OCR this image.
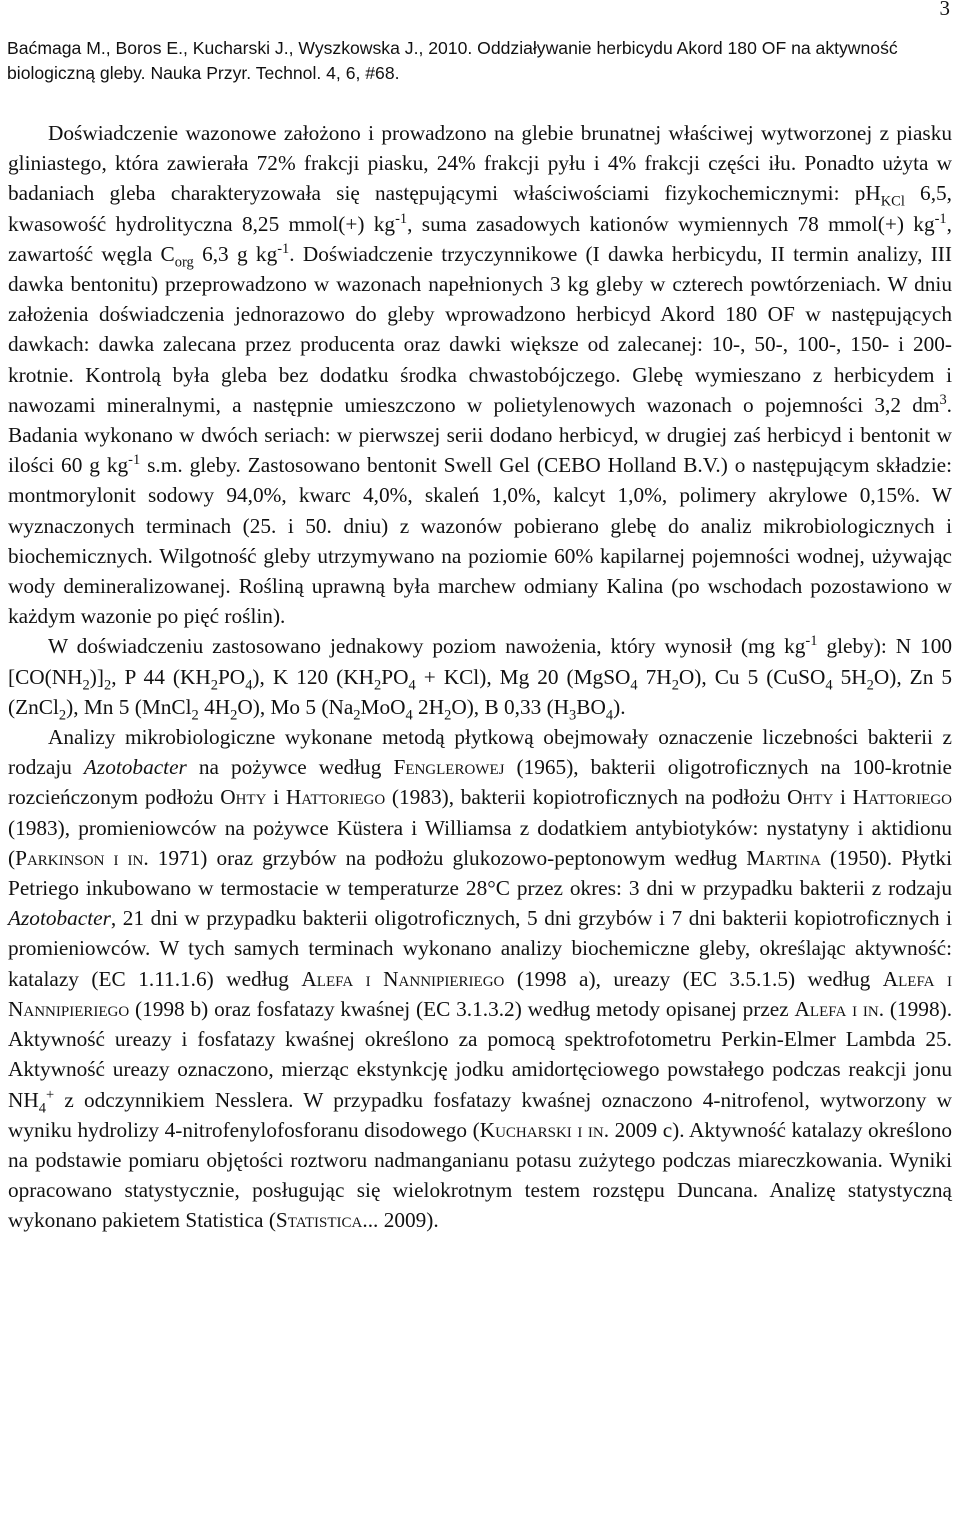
3
Baćmaga M., Boros E., Kucharski J., Wyszkowska J., 2010. Oddziaływanie herbicydu Akord 180 OF na aktywność
biologiczną gleby. Nauka Przyr. Technol. 4, 6, #68.

Doświadczenie wazonowe założono i prowadzono na glebie brunatnej właściwej wytworzonej z piasku gliniastego, która zawierała 72% frakcji piasku, 24% frakcji pyłu i 4% frakcji części iłu. Ponadto użyta w badaniach gleba charakteryzowała się następującymi właściwościami fizykochemicznymi: $pH_{KCl}$ 6,5, kwasowość hydrolityczna 8,25 mmol(+) $kg^{-1}$, suma zasadowych kationów wymiennych 78 mmol(+) $kg^{-1}$, zawartość węgla $C_{org}$ 6,3 g $kg^{-1}$. Doświadczenie trzyczynnikowe (I dawka herbicydu, II termin analizy, III dawka bentonitu) przeprowadzono w wazonach napełnionych 3 kg gleby w czterech powtórzeniach. W dniu założenia doświadczenia jednorazowo do gleby wprowadzono herbicyd Akord 180 OF w następujących dawkach: dawka zalecana przez producenta oraz dawki większe od zalecanej: 10-, 50-, 100-, 150- i 200-krotnie. Kontrolą była gleba bez dodatku środka chwastobójczego. Glebę wymieszano z herbicydem i nawozami mineralnymi, a następnie umieszczono w polietylenowych wazonach o pojemności 3,2 $dm^3$. Badania wykonano w dwóch seriach: w pierwszej serii dodano herbicyd, w drugiej zaś herbicyd i bentonit w ilości 60 g $kg^{-1}$ s.m. gleby. Zastosowano bentonit Swell Gel (CEBO Holland B.V.) o następującym składzie: montmorylonit sodowy 94,0%, kwarc 4,0%, skaleń 1,0%, kalcyt 1,0%, polimery akrylowe 0,15%. W wyznaczonych terminach (25. i 50. dniu) z wazonów pobierano glebę do analiz mikrobiologicznych i biochemicznych. Wilgotność gleby utrzymywano na poziomie 60% kapilarnej pojemności wodnej, używając wody demineralizowanej. Rośliną uprawną była marchew odmiany Kalina (po wschodach pozostawiono w każdym wazonie po pięć roślin).

W doświadczeniu zastosowano jednakowy poziom nawożenia, który wynosił (mg $kg^{-1}$ gleby): N 100 $[CO(NH_2)]_2$, P 44 $(KH_2PO_4)$, K 120 $(KH_2PO_4 + KCl)$, Mg 20 (MgSO$_4$ $7H_2O$), Cu 5 (CuSO$_4$ $5H_2O$), Zn 5 (ZnCl$_2$), Mn 5 (MnCl$_2$ $4H_2O$), Mo 5 ($Na_2MoO_4$ $2H_2O$), B 0,33 $(H_3BO_4)$.

Analizy mikrobiologiczne wykonane metodą płytkową obejmowały oznaczenie liczebności bakterii z rodzaju Azotobacter na pożywce według Fenglerowej (1965), bakterii oligotroficznych na 100-krotnie rozcieńczonym podłożu Ohty i Hattoriego (1983), bakterii kopiotroficznych na podłożu Ohty i Hattoriego (1983), promieniowców na pożywce Küstera i Williamsa z dodatkiem antybiotyków: nystatyny i aktidionu (Parkinson i in. 1971) oraz grzybów na podłożu glukozowo-peptonowym według Martina (1950). Płytki Petriego inkubowano w termostacie w temperaturze 28°C przez okres: 3 dni w przypadku bakterii z rodzaju Azotobacter, 21 dni w przypadku bakterii oligotroficznych, 5 dni grzybów i 7 dni bakterii kopiotroficznych i promieniowców. W tych samych terminach wykonano analizy biochemiczne gleby, określając aktywność: katalazy (EC 1.11.1.6) według Alefa i Nannipieriego (1998 a), ureazy (EC 3.5.1.5) według Alefa i Nannipieriego (1998 b) oraz fosfatazy kwaśnej (EC 3.1.3.2) według metody opisanej przez Alefa i in. (1998). Aktywność ureazy i fosfatazy kwaśnej określono za pomocą spektrofotometru Perkin-Elmer Lambda 25. Aktywność ureazy oznaczono, mierząc ekstynkcję jodku amidortęciowego powstałego podczas reakcji jonu $NH_4^+$ z odczynnikiem Nesslera. W przypadku fosfatazy kwaśnej oznaczono 4-nitrofenol, wytworzony w wyniku hydrolizy 4-nitrofenylofosforanu disodowego (Kucharski i in. 2009 c). Aktywność katalazy określono na podstawie pomiaru objętości roztworu nadmanganianu potasu zużytego podczas miareczkowania. Wyniki opracowano statystycznie, posługując się wielokrotnym testem rozstępu Duncana. Analizę statystyczną wykonano pakietem Statistica (Statistica... 2009).
